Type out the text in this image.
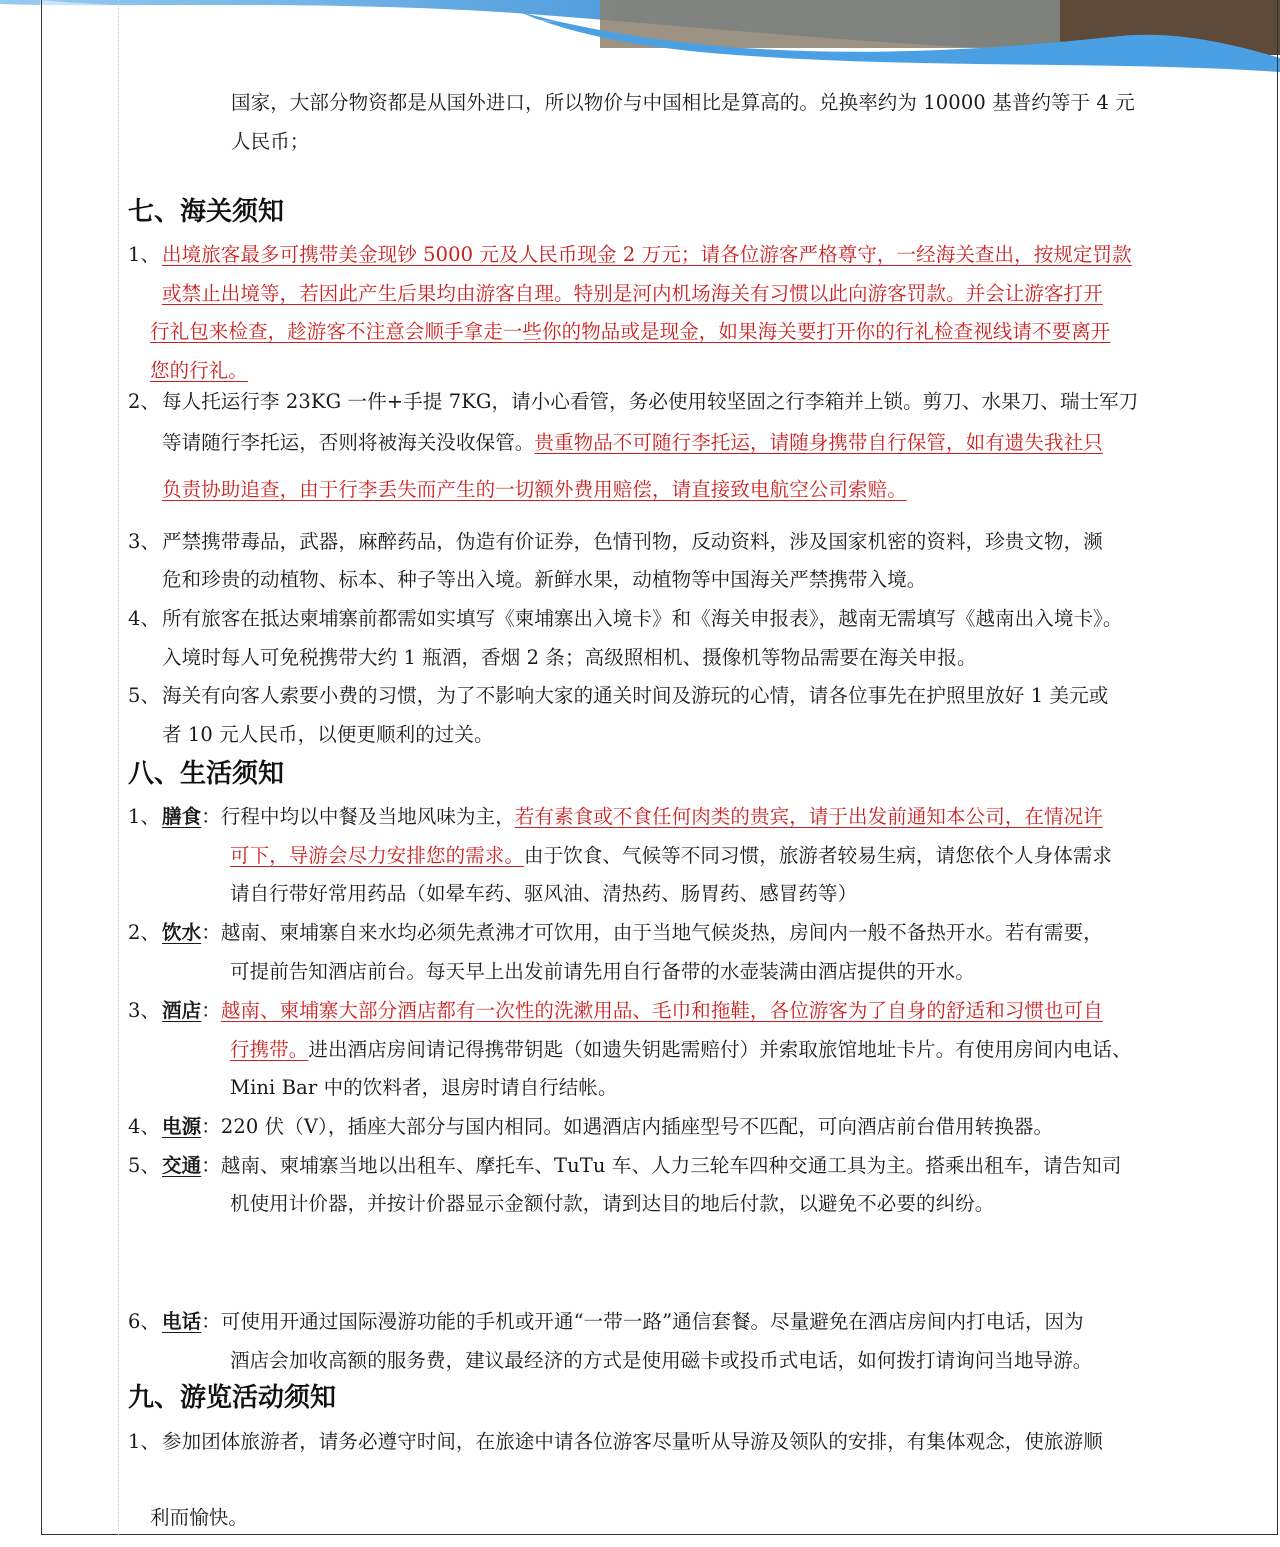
国家，大部分物资都是从国外进口，所以物价与中国相比是算高的。兑换率约为 10000 基普约等于 4 元
人民币；
七、海关须知
1、 出境旅客最多可携带美金现钞 5000 元及人民币现金 2 万元；请各位游客严格尊守，一经海关查出，按规定罚款
或禁止出境等，若因此产生后果均由游客自理。特别是河内机场海关有习惯以此向游客罚款。并会让游客打开
行礼包来检查，趁游客不注意会顺手拿走一些你的物品或是现金，如果海关要打开你的行礼检查视线请不要离开
您的行礼。
2、 每人托运行李 23KG 一件+手提 7KG，请小心看管，务必使用较坚固之行李箱并上锁。剪刀、水果刀、瑞士军刀
等请随行李托运，否则将被海关没收保管。贵重物品不可随行李托运，请随身携带自行保管，如有遗失我社只
负责协助追查，由于行李丢失而产生的一切额外费用赔偿，请直接致电航空公司索赔。
3、 严禁携带毒品，武器，麻醉药品，伪造有价证券，色情刊物，反动资料，涉及国家机密的资料，珍贵文物，濒
危和珍贵的动植物、标本、种子等出入境。新鲜水果，动植物等中国海关严禁携带入境。
4、 所有旅客在抵达柬埔寨前都需如实填写《柬埔寨出入境卡》和《海关申报表》，越南无需填写《越南出入境卡》。
入境时每人可免税携带大约 1 瓶酒，香烟 2 条；高级照相机、摄像机等物品需要在海关申报。
5、 海关有向客人索要小费的习惯，为了不影响大家的通关时间及游玩的心情，请各位事先在护照里放好 1 美元或
者 10 元人民币，以便更顺利的过关。
八、生活须知
1、 膳食：行程中均以中餐及当地风味为主，若有素食或不食任何肉类的贵宾，请于出发前通知本公司，在情况许
可下，导游会尽力安排您的需求。由于饮食、气候等不同习惯，旅游者较易生病，请您依个人身体需求
请自行带好常用药品（如晕车药、驱风油、清热药、肠胃药、感冒药等）
2、 饮水：越南、柬埔寨自来水均必须先煮沸才可饮用，由于当地气候炎热，房间内一般不备热开水。若有需要，
可提前告知酒店前台。每天早上出发前请先用自行备带的水壶装满由酒店提供的开水。
3、 酒店：越南、柬埔寨大部分酒店都有一次性的洗漱用品、毛巾和拖鞋，各位游客为了自身的舒适和习惯也可自
行携带。进出酒店房间请记得携带钥匙（如遗失钥匙需赔付）并索取旅馆地址卡片。有使用房间内电话、
Mini Bar 中的饮料者，退房时请自行结帐。
4、 电源：220 伏（V），插座大部分与国内相同。如遇酒店内插座型号不匹配，可向酒店前台借用转换器。
5、 交通：越南、柬埔寨当地以出租车、摩托车、TuTu 车、人力三轮车四种交通工具为主。搭乘出租车，请告知司
机使用计价器，并按计价器显示金额付款，请到达目的地后付款，以避免不必要的纠纷。
6、 电话：可使用开通过国际漫游功能的手机或开通“一带一路”通信套餐。尽量避免在酒店房间内打电话，因为
酒店会加收高额的服务费，建议最经济的方式是使用磁卡或投币式电话，如何拨打请询问当地导游。
九、游览活动须知
1、 参加团体旅游者，请务必遵守时间，在旅途中请各位游客尽量听从导游及领队的安排，有集体观念，使旅游顺
利而愉快。
